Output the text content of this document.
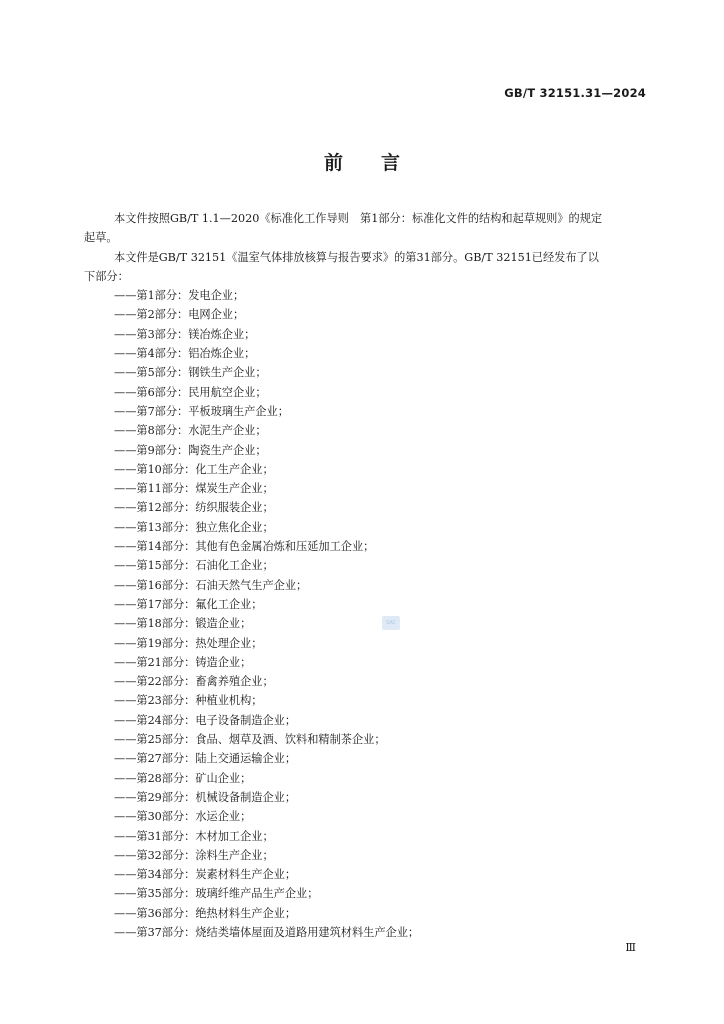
GB/T 32151.31—2024
前言

本文件按照GB/T 1.1—2020《标准化工作导则　第1部分：标准化文件的结构和起草规则》的规定
起草。

本文件是GB/T 32151《温室气体排放核算与报告要求》的第31部分。GB/T 32151已经发布了以
下部分：

——第1部分：发电企业；
——第2部分：电网企业；
——第3部分：镁冶炼企业；
——第4部分：铝冶炼企业；
——第5部分：钢铁生产企业；
——第6部分：民用航空企业；
——第7部分：平板玻璃生产企业；
——第8部分：水泥生产企业；
——第9部分：陶瓷生产企业；
——第10部分：化工生产企业；
——第11部分：煤炭生产企业；
——第12部分：纺织服装企业；
——第13部分：独立焦化企业；
——第14部分：其他有色金属冶炼和压延加工企业；
——第15部分：石油化工企业；
——第16部分：石油天然气生产企业；
——第17部分：氟化工企业；
——第18部分：锻造企业；
——第19部分：热处理企业；
——第21部分：铸造企业；
——第22部分：畜禽养殖企业；
——第23部分：种植业机构；
——第24部分：电子设备制造企业；
——第25部分：食品、烟草及酒、饮料和精制茶企业；
——第27部分：陆上交通运输企业；
——第28部分：矿山企业；
——第29部分：机械设备制造企业；
——第30部分：水运企业；
——第31部分：木材加工企业；
——第32部分：涂料生产企业；
——第34部分：炭素材料生产企业；
——第35部分：玻璃纤维产品生产企业；
——第36部分：绝热材料生产企业；
——第37部分：烧结类墙体屋面及道路用建筑材料生产企业；
SAC
Ⅲ
